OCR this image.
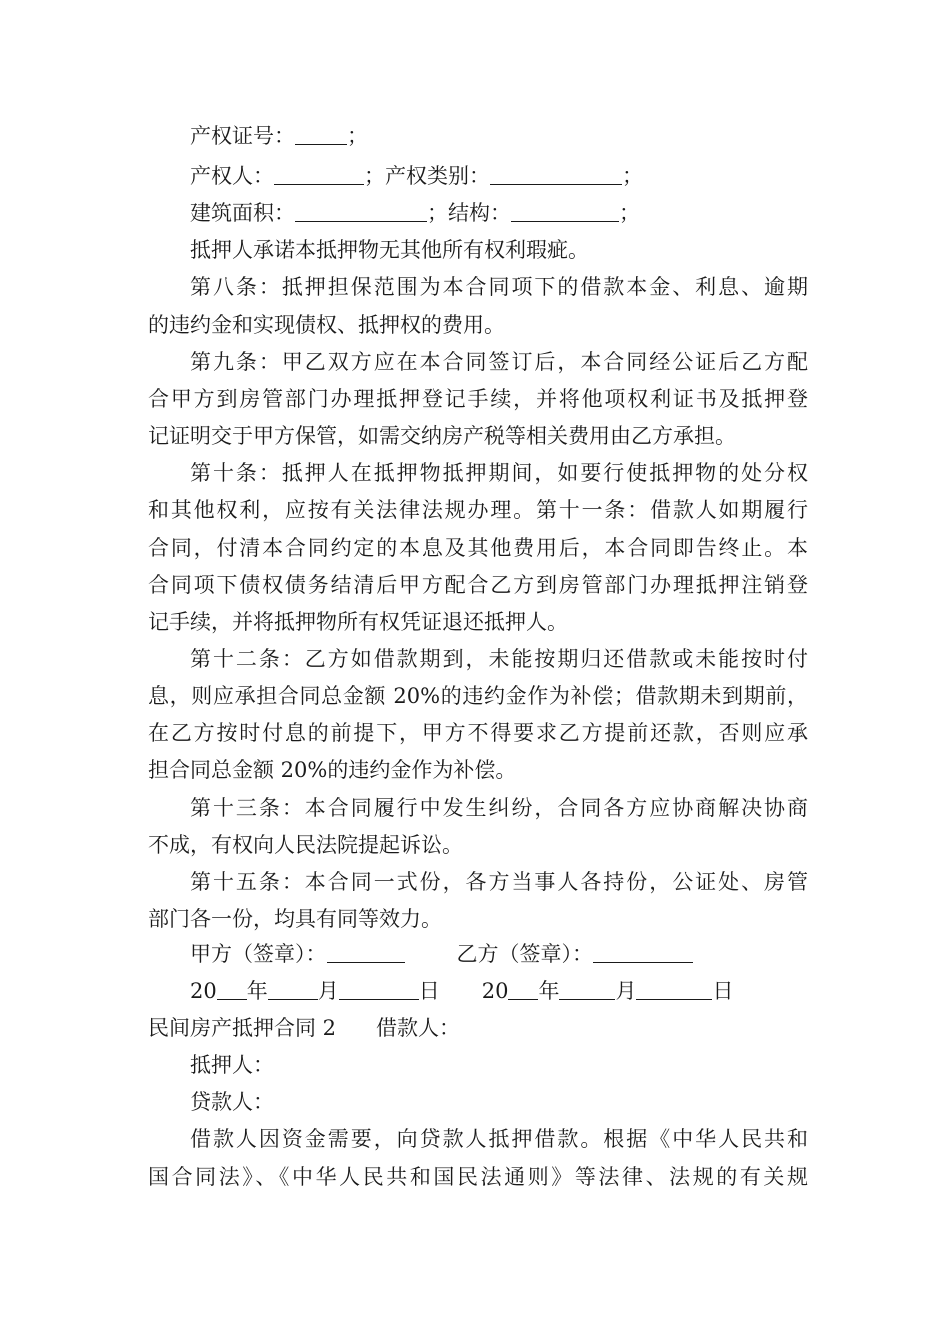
产权证号： ；
产权人：	；产权类别：	；
建筑面积：	；结构：	；
抵押人承诺本抵押物无其他所有权利瑕疵。
第八条：抵押担保范围为本合同项下的借款本金、利息、逾期
的违约金和实现债权、抵押权的费用。
第九条：甲乙双方应在本合同签订后，本合同经公证后乙方配
合甲方到房管部门办理抵押登记手续，并将他项权利证书及抵押登
记证明交于甲方保管，如需交纳房产税等相关费用由乙方承担。
第十条：抵押人在抵押物抵押期间，如要行使抵押物的处分权
和其他权利，应按有关法律法规办理。第十一条：借款人如期履行
合同，付清本合同约定的本息及其他费用后，本合同即告终止。本
合同项下债权债务结清后甲方配合乙方到房管部门办理抵押注销登
记手续，并将抵押物所有权凭证退还抵押人。
第十二条：乙方如借款期到，未能按期归还借款或未能按时付
息，则应承担合同总金额 20%的违约金作为补偿；借款期未到期前，
在乙方按时付息的前提下，甲方不得要求乙方提前还款，否则应承
担合同总金额 20%的违约金作为补偿。
第十三条：本合同履行中发生纠纷，合同各方应协商解决协商
不成，有权向人民法院提起诉讼。
第十五条：本合同一式份，各方当事人各持份，公证处、房管
部门各一份，均具有同等效力。
甲方（签章）：	乙方（签章）：
20 年 月	日 20 年	月	日
民间房产抵押合同 2 借款人：
抵押人：
贷款人：
借款人因资金需要，向贷款人抵押借款。根据《中华人民共和
国合同法》、《中华人民共和国民法通则》等法律、法规的有关规
